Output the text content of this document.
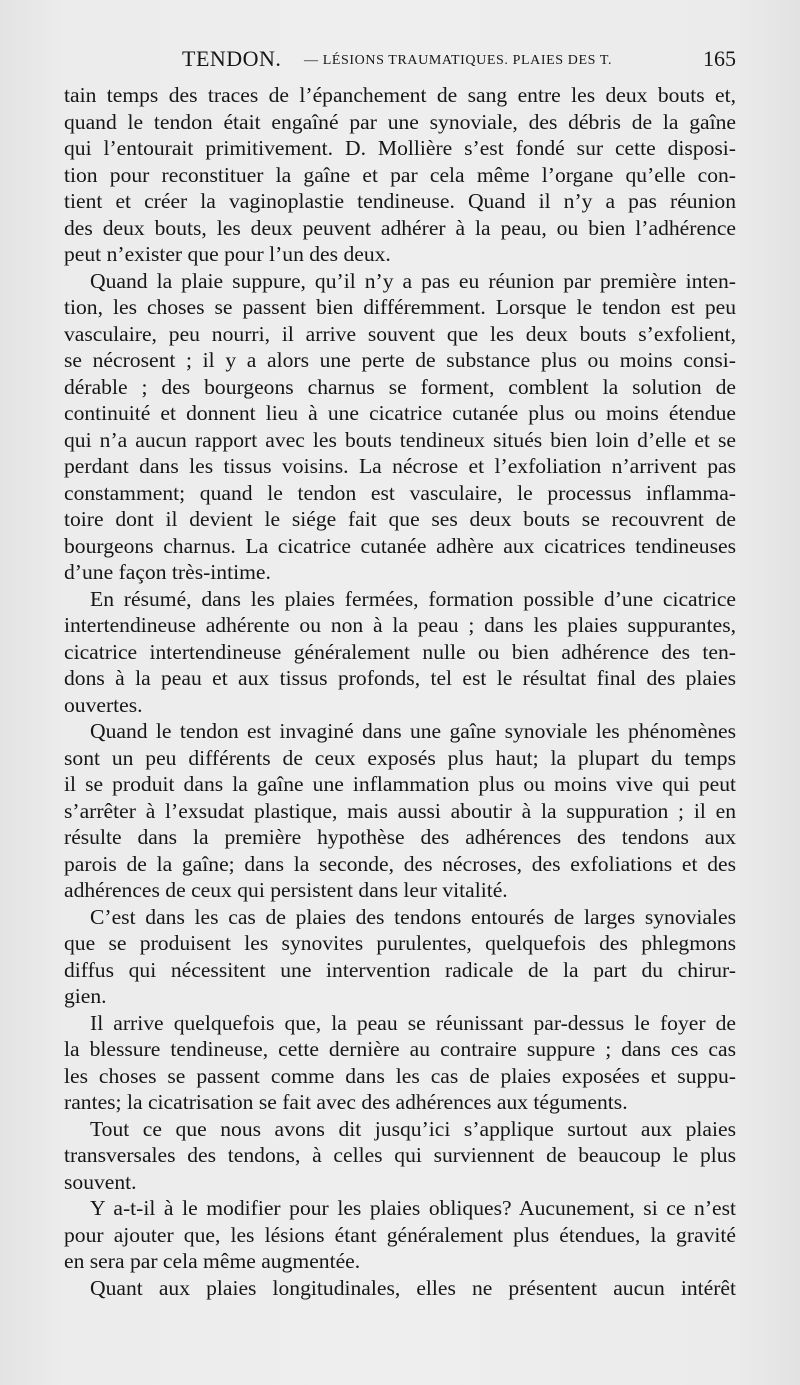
TENDON. — LÉSIONS TRAUMATIQUES. PLAIES DES T.	165
tain temps des traces de l’épanchement de sang entre les deux bouts et,
quand le tendon était engaîné par une synoviale, des débris de la gaîne
qui l’entourait primitivement. D. Mollière s’est fondé sur cette disposi-
tion pour reconstituer la gaîne et par cela même l’organe qu’elle con-
tient et créer la vaginoplastie tendineuse. Quand il n’y a pas réunion
des deux bouts, les deux peuvent adhérer à la peau, ou bien l’adhérence
peut n’exister que pour l’un des deux.
Quand la plaie suppure, qu’il n’y a pas eu réunion par première inten-
tion, les choses se passent bien différemment. Lorsque le tendon est peu
vasculaire, peu nourri, il arrive souvent que les deux bouts s’exfolient,
se nécrosent ; il y a alors une perte de substance plus ou moins consi-
dérable ; des bourgeons charnus se forment, comblent la solution de
continuité et donnent lieu à une cicatrice cutanée plus ou moins étendue
qui n’a aucun rapport avec les bouts tendineux situés bien loin d’elle et se
perdant dans les tissus voisins. La nécrose et l’exfoliation n’arrivent pas
constamment; quand le tendon est vasculaire, le processus inflamma-
toire dont il devient le siége fait que ses deux bouts se recouvrent de
bourgeons charnus. La cicatrice cutanée adhère aux cicatrices tendineuses
d’une façon très-intime.
En résumé, dans les plaies fermées, formation possible d’une cicatrice
intertendineuse adhérente ou non à la peau ; dans les plaies suppurantes,
cicatrice intertendineuse généralement nulle ou bien adhérence des ten-
dons à la peau et aux tissus profonds, tel est le résultat final des plaies
ouvertes.
Quand le tendon est invaginé dans une gaîne synoviale les phénomènes
sont un peu différents de ceux exposés plus haut; la plupart du temps
il se produit dans la gaîne une inflammation plus ou moins vive qui peut
s’arrêter à l’exsudat plastique, mais aussi aboutir à la suppuration ; il en
résulte dans la première hypothèse des adhérences des tendons aux
parois de la gaîne; dans la seconde, des nécroses, des exfoliations et des
adhérences de ceux qui persistent dans leur vitalité.
C’est dans les cas de plaies des tendons entourés de larges synoviales
que se produisent les synovites purulentes, quelquefois des phlegmons
diffus qui nécessitent une intervention radicale de la part du chirur-
gien.
Il arrive quelquefois que, la peau se réunissant par-dessus le foyer de
la blessure tendineuse, cette dernière au contraire suppure ; dans ces cas
les choses se passent comme dans les cas de plaies exposées et suppu-
rantes; la cicatrisation se fait avec des adhérences aux téguments.
Tout ce que nous avons dit jusqu’ici s’applique surtout aux plaies
transversales des tendons, à celles qui surviennent de beaucoup le plus
souvent.
Y a-t-il à le modifier pour les plaies obliques? Aucunement, si ce n’est
pour ajouter que, les lésions étant généralement plus étendues, la gravité
en sera par cela même augmentée.
Quant aux plaies longitudinales, elles ne présentent aucun intérêt
